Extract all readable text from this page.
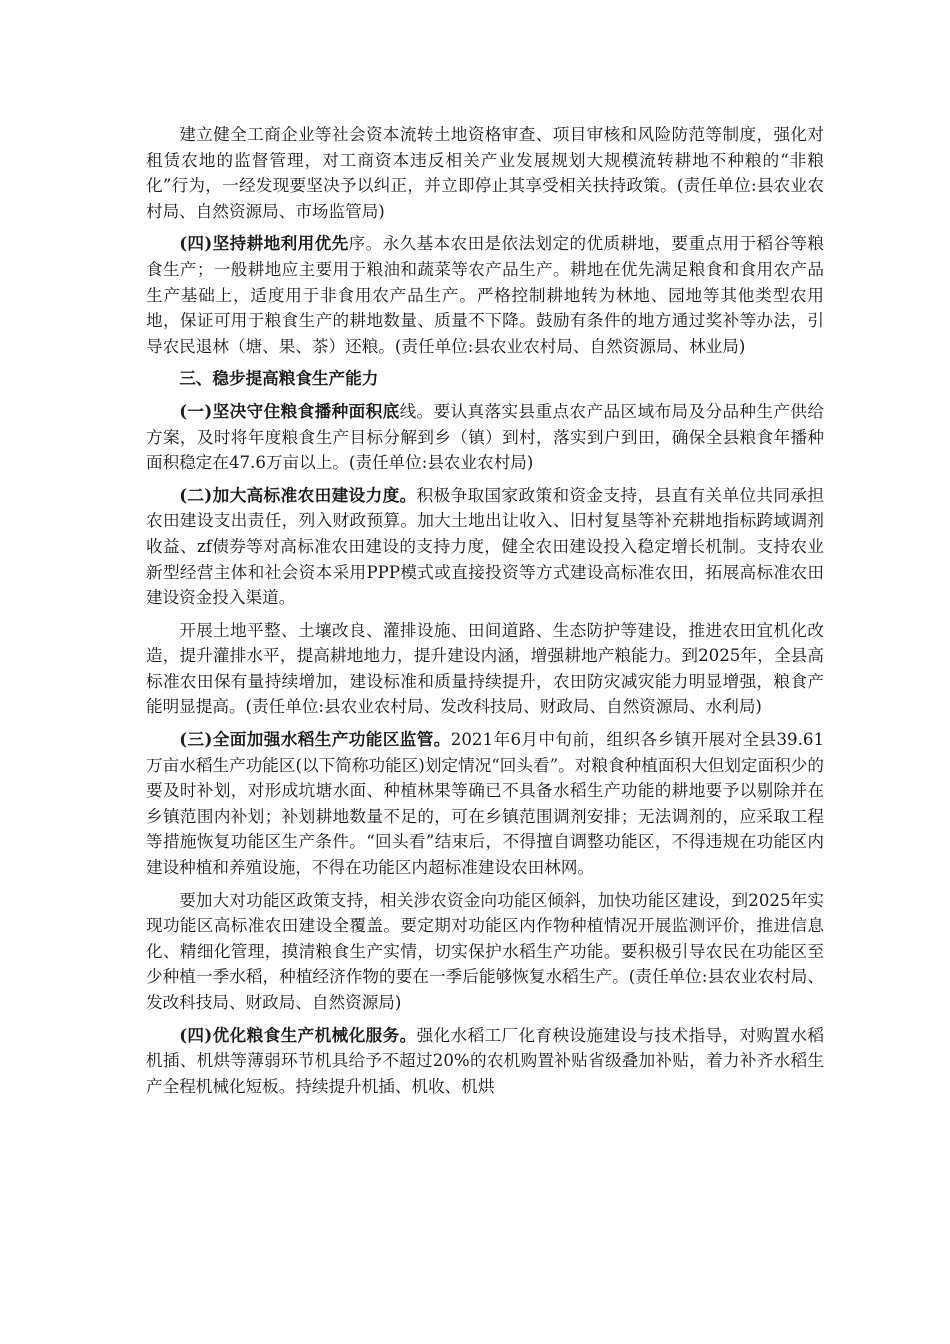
建立健全工商企业等社会资本流转土地资格审查、项目审核和风险防范等制度，强化对租赁农地的监督管理，对工商资本违反相关产业发展规划大规模流转耕地不种粮的“非粮化”行为，一经发现要坚决予以纠正，并立即停止其享受相关扶持政策。(责任单位:县农业农村局、自然资源局、市场监管局)

(四)坚持耕地利用优先序。永久基本农田是依法划定的优质耕地，要重点用于稻谷等粮食生产；一般耕地应主要用于粮油和蔬菜等农产品生产。耕地在优先满足粮食和食用农产品生产基础上，适度用于非食用农产品生产。严格控制耕地转为林地、园地等其他类型农用地，保证可用于粮食生产的耕地数量、质量不下降。鼓励有条件的地方通过奖补等办法，引导农民退林（塘、果、茶）还粮。(责任单位:县农业农村局、自然资源局、林业局)

三、稳步提高粮食生产能力

(一)坚决守住粮食播种面积底线。要认真落实县重点农产品区域布局及分品种生产供给方案，及时将年度粮食生产目标分解到乡（镇）到村，落实到户到田，确保全县粮食年播种面积稳定在47.6万亩以上。(责任单位:县农业农村局)

(二)加大高标准农田建设力度。积极争取国家政策和资金支持，县直有关单位共同承担农田建设支出责任，列入财政预算。加大土地出让收入、旧村复垦等补充耕地指标跨域调剂收益、zf债券等对高标准农田建设的支持力度，健全农田建设投入稳定增长机制。支持农业新型经营主体和社会资本采用PPP模式或直接投资等方式建设高标准农田，拓展高标准农田建设资金投入渠道。

开展土地平整、土壤改良、灌排设施、田间道路、生态防护等建设，推进农田宜机化改造，提升灌排水平，提高耕地地力，提升建设内涵，增强耕地产粮能力。到2025年，全县高标准农田保有量持续增加，建设标准和质量持续提升，农田防灾减灾能力明显增强，粮食产能明显提高。(责任单位:县农业农村局、发改科技局、财政局、自然资源局、水利局)

(三)全面加强水稻生产功能区监管。2021年6月中旬前，组织各乡镇开展对全县39.61万亩水稻生产功能区(以下简称功能区)划定情况“回头看”。对粮食种植面积大但划定面积少的要及时补划，对形成坑塘水面、种植林果等确已不具备水稻生产功能的耕地要予以剔除并在乡镇范围内补划；补划耕地数量不足的，可在乡镇范围调剂安排；无法调剂的，应采取工程等措施恢复功能区生产条件。“回头看”结束后，不得擅自调整功能区，不得违规在功能区内建设种植和养殖设施，不得在功能区内超标准建设农田林网。

要加大对功能区政策支持，相关涉农资金向功能区倾斜，加快功能区建设，到2025年实现功能区高标准农田建设全覆盖。要定期对功能区内作物种植情况开展监测评价，推进信息化、精细化管理，摸清粮食生产实情，切实保护水稻生产功能。要积极引导农民在功能区至少种植一季水稻，种植经济作物的要在一季后能够恢复水稻生产。(责任单位:县农业农村局、发改科技局、财政局、自然资源局)

(四)优化粮食生产机械化服务。强化水稻工厂化育秧设施建设与技术指导，对购置水稻机插、机烘等薄弱环节机具给予不超过20%的农机购置补贴省级叠加补贴，着力补齐水稻生产全程机械化短板。持续提升机插、机收、机烘
